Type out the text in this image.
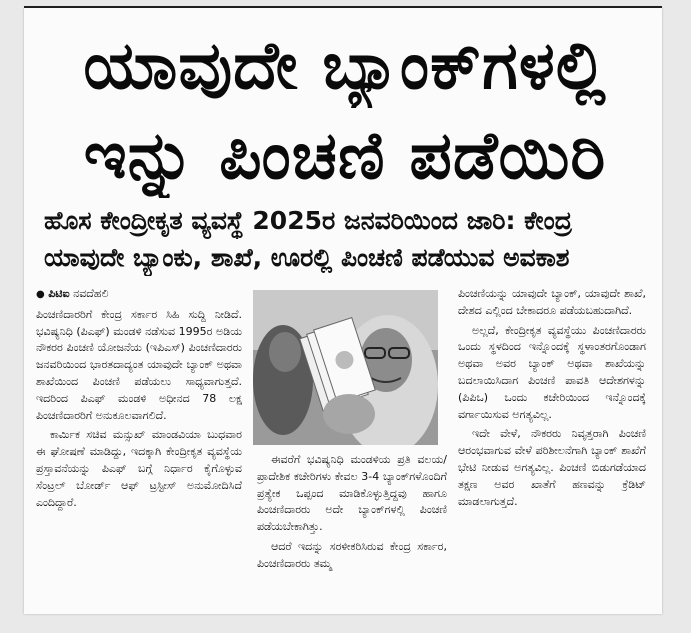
ಯಾವುದೇ ಬ್ಯಾಂಕ್‌ಗಳಲ್ಲಿ
ಇನ್ನು ಪಿಂಚಣಿ ಪಡೆಯಿರಿ
ಹೊಸ ಕೇಂದ್ರೀಕೃತ ವ್ಯವಸ್ಥೆ 2025ರ ಜನವರಿಯಿಂದ ಜಾರಿ: ಕೇಂದ್ರ
ಯಾವುದೇ ಬ್ಯಾಂಕು, ಶಾಖೆ, ಊರಲ್ಲಿ ಪಿಂಚಣಿ ಪಡೆಯುವ ಅವಕಾಶ

● ಪಿಟಿಐ ನವದೆಹಲಿ

ಪಿಂಚಣಿದಾರರಿಗೆ ಕೇಂದ್ರ ಸರ್ಕಾರ ಸಿಹಿ ಸುದ್ದಿ ನೀಡಿದೆ. ಭವಿಷ್ಯನಿಧಿ (ಪಿಎಫ್) ಮಂಡಳಿ ನಡೆಸುವ 1995ರ ಅಡಿಯ ನೌಕರರ ಪಿಂಚಣಿ ಯೋಜನೆಯ (ಇಪಿಎಸ್) ಪಿಂಚಣಿದಾರರು ಜನವರಿಯಿಂದ ಭಾರತದಾದ್ಯಂತ ಯಾವುದೇ ಬ್ಯಾಂಕ್ ಅಥವಾ ಶಾಖೆಯಿಂದ ಪಿಂಚಣಿ ಪಡೆಯಲು ಸಾಧ್ಯವಾಗುತ್ತದೆ. ಇದರಿಂದ ಪಿಎಫ್ ಮಂಡಳಿ ಅಧೀನದ 78 ಲಕ್ಷ ಪಿಂಚಣಿದಾರರಿಗೆ ಅನುಕೂಲವಾಗಲಿದೆ.

ಕಾರ್ಮಿಕ ಸಚಿವ ಮನ್ಸುಖ್ ಮಾಂಡವಿಯಾ ಬುಧವಾರ ಈ ಘೋಷಣೆ ಮಾಡಿದ್ದು, ಇದಕ್ಕಾಗಿ ಕೇಂದ್ರೀಕೃತ ವ್ಯವಸ್ಥೆಯ ಪ್ರಸ್ತಾವನೆಯನ್ನು ಪಿಎಫ್ ಬಗ್ಗೆ ನಿರ್ಧಾರ ಕೈಗೊಳ್ಳುವ ಸೆಂಟ್ರಲ್ ಬೋರ್ಡ್ ಆಫ್ ಟ್ರಸ್ಟೀಸ್ ಅನುಮೋದಿಸಿದೆ ಎಂದಿದ್ದಾರೆ.

ಈವರೆಗೆ ಭವಿಷ್ಯನಿಧಿ ಮಂಡಳಿಯ ಪ್ರತಿ ವಲಯ/ಪ್ರಾದೇಶಿಕ ಕಚೇರಿಗಳು ಕೇವಲ 3-4 ಬ್ಯಾಂಕ್‌ಗಳೊಂದಿಗೆ ಪ್ರತ್ಯೇಕ ಒಪ್ಪಂದ ಮಾಡಿಕೊಳ್ಳುತ್ತಿದ್ದವು ಹಾಗೂ ಪಿಂಚಣಿದಾರರು ಅದೇ ಬ್ಯಾಂಕ್‌ಗಳಲ್ಲಿ ಪಿಂಚಣಿ ಪಡೆಯಬೇಕಾಗಿತ್ತು.

ಆದರೆ ಇದನ್ನು ಸರಳೀಕರಿಸಿರುವ ಕೇಂದ್ರ ಸರ್ಕಾರ, ಪಿಂಚಣಿದಾರರು ತಮ್ಮ

ಪಿಂಚಣಿಯನ್ನು ಯಾವುದೇ ಬ್ಯಾಂಕ್, ಯಾವುದೇ ಶಾಖೆ, ದೇಶದ ಎಲ್ಲಿಂದ ಬೇಕಾದರೂ ಪಡೆಯಬಹುದಾಗಿದೆ.

ಅಲ್ಲದೆ, ಕೇಂದ್ರೀಕೃತ ವ್ಯವಸ್ಥೆಯು ಪಿಂಚಣಿದಾರರು ಒಂದು ಸ್ಥಳದಿಂದ ಇನ್ನೊಂದಕ್ಕೆ ಸ್ಥಳಾಂತರಗೊಂಡಾಗ ಅಥವಾ ಅವರ ಬ್ಯಾಂಕ್ ಅಥವಾ ಶಾಖೆಯನ್ನು ಬದಲಾಯಿಸಿದಾಗ ಪಿಂಚಣಿ ಪಾವತಿ ಆದೇಶಗಳನ್ನು (ಪಿಪಿಒ) ಒಂದು ಕಚೇರಿಯಿಂದ ಇನ್ನೊಂದಕ್ಕೆ ವರ್ಗಾಯಿಸುವ ಅಗತ್ಯವಿಲ್ಲ.

ಇದೇ ವೇಳೆ, ನೌಕರರು ನಿವೃತ್ತರಾಗಿ ಪಿಂಚಣಿ ಆರಂಭವಾಗುವ ವೇಳೆ ಪರಿಶೀಲನೆಗಾಗಿ ಬ್ಯಾಂಕ್ ಶಾಖೆಗೆ ಭೇಟಿ ನೀಡುವ ಅಗತ್ಯವಿಲ್ಲ. ಪಿಂಚಣಿ ಬಿಡುಗಡೆಯಾದ ತಕ್ಷಣ ಅವರ ಖಾತೆಗೆ ಹಣವನ್ನು ಕ್ರೆಡಿಟ್ ಮಾಡಲಾಗುತ್ತದೆ.
